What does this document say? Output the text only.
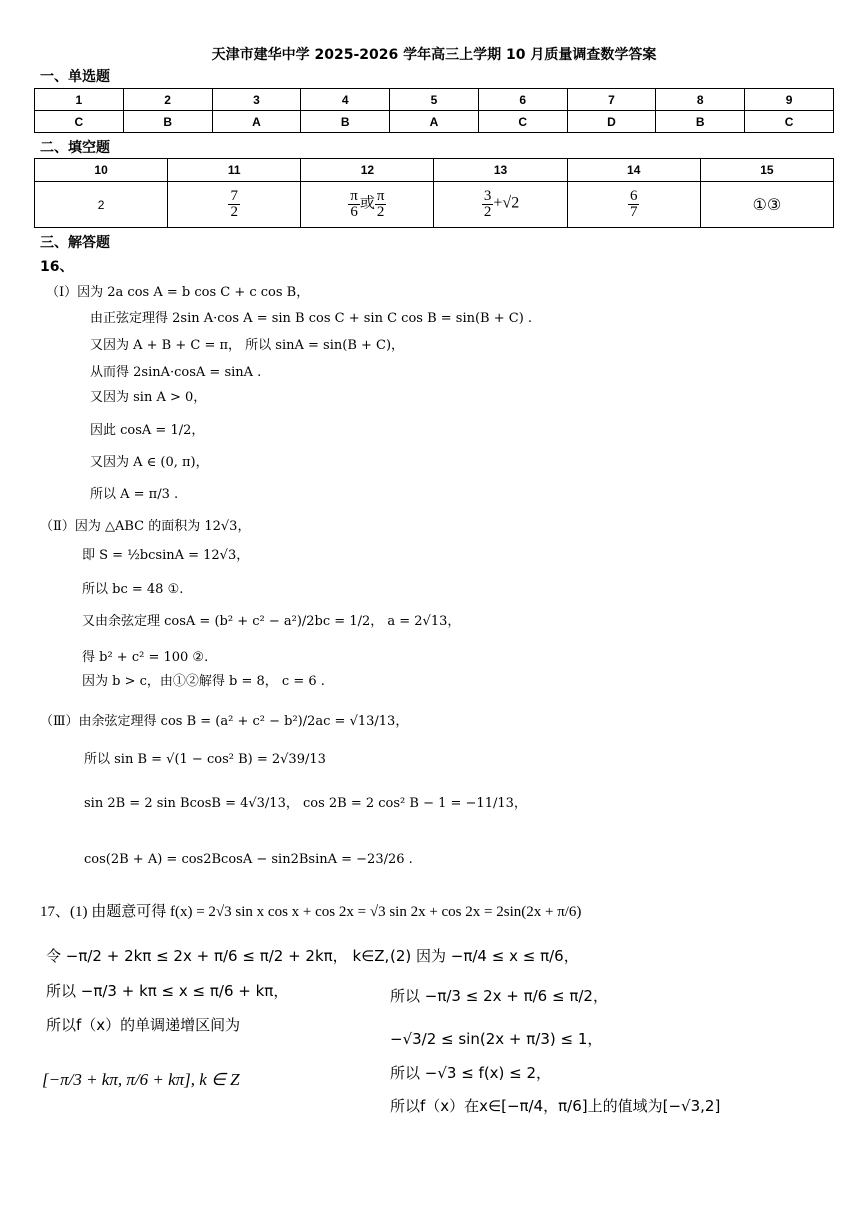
天津市建华中学 2025-2026 学年高三上学期 10 月质量调查数学答案
一、单选题
1	2	3	4	5	6	7	8	9
C	B	A	B	A	C	D	B	C
二、填空题
10	11	12	13	14	15
2	$\frac{7}{2}$	$\frac{\pi}{6}$ 或 $\frac{\pi}{2}$	$\frac{3}{2} +√2$	$\frac{6}{7}$	①③
三、解答题
16、
（Ⅰ）因为 2a cos A = b cos C + c cos B，
由正弦定理得 2sin A·cos A = sin B cos C + sin C cos B = sin(B + C) .
又因为 A + B + C = π， 所以 sinA = sin(B + C)，
从而得 2sinA·cosA = sinA .
又因为 sin A > 0，
因此 cosA = 1/2，
又因为 A ∈ (0, π)，
所以 A = π/3 .
（Ⅱ）因为 △ABC 的面积为 12√3，
即 S = ½bcsinA = 12√3，
所以 bc = 48 ①.
又由余弦定理 cosA = (b² + c² − a²)/2bc = 1/2， a = 2√13，
得 b² + c² = 100 ②.
因为 b > c，由①②解得 b = 8， c = 6 .
（Ⅲ）由余弦定理得 cos B = (a² + c² − b²)/2ac = √13/13，
所以 sin B = √(1 − cos² B) = 2√39/13
sin 2B = 2 sin BcosB = 4√3/13， cos 2B = 2 cos² B − 1 = −11/13，
cos(2B + A) = cos2BcosA − sin2BsinA = −23/26 .
17、(1) 由题意可得 f(x) = 2√3 sin x cos x + cos 2x = √3 sin 2x + cos 2x = 2sin(2x + π/6)
令 −π/2 + 2kπ ≤ 2x + π/6 ≤ π/2 + 2kπ， k∈Z,
所以 −π/3 + kπ ≤ x ≤ π/6 + kπ，
所以f（x）的单调递增区间为
[−π/3 + kπ, π/6 + kπ], k ∈ Z
(2) 因为 −π/4 ≤ x ≤ π/6，
所以 −π/3 ≤ 2x + π/6 ≤ π/2，
−√3/2 ≤ sin(2x + π/3) ≤ 1，
所以 −√3 ≤ f(x) ≤ 2，
所以f（x）在x∈[−π/4，π/6]上的值域为[−√3,2]
